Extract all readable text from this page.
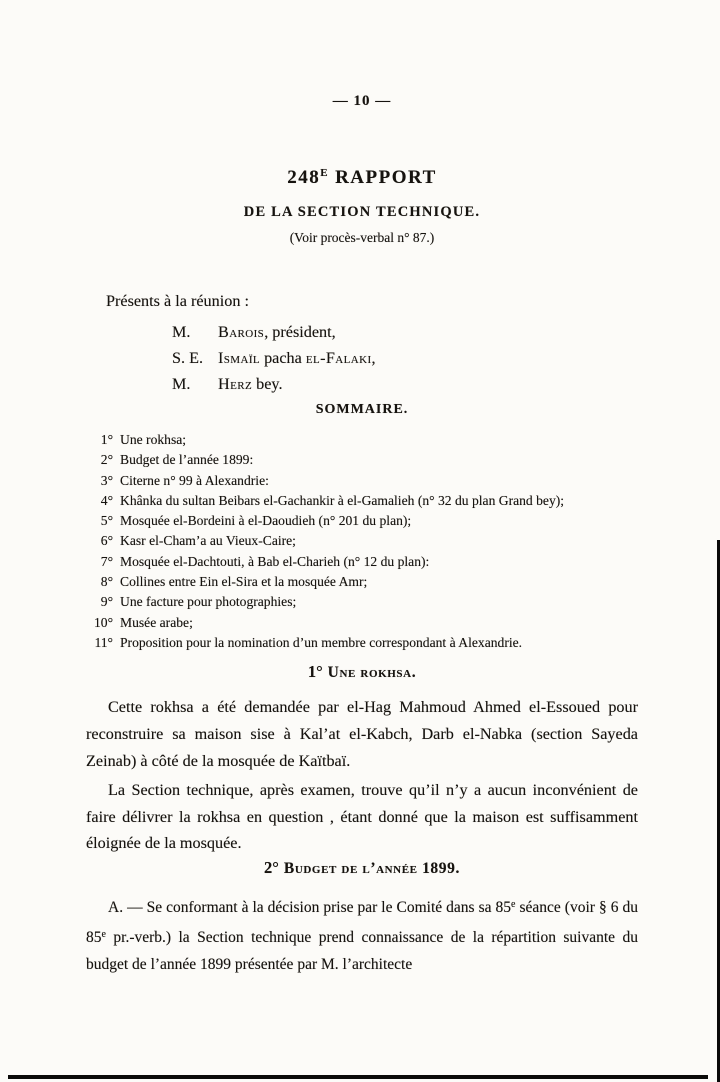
— 10 —
$248^E$ RAPPORT
DE LA SECTION TECHNIQUE.
(Voir procès-verbal n° 87.)
Présents à la réunion :
M. Barois, président,
S. E. Ismaïl pacha el-Falaki,
M. Herz bey.
SOMMAIRE.
1° Une rokhsa;
2° Budget de l’année 1899:
3° Citerne n° 99 à Alexandrie:
4° Khânka du sultan Beibars el-Gachankir à el-Gamalieh (n° 32 du plan Grand bey);
5° Mosquée el-Bordeini à el-Daoudieh (n° 201 du plan);
6° Kasr el-Cham’a au Vieux-Caire;
7° Mosquée el-Dachtouti, à Bab el-Charieh (n° 12 du plan):
8° Collines entre Ein el-Sira et la mosquée Amr;
9° Une facture pour photographies;
10° Musée arabe;
11° Proposition pour la nomination d’un membre correspondant à Alexandrie.
1° Une rokhsa.

Cette rokhsa a été demandée par el-Hag Mahmoud Ahmed el-Essoued pour reconstruire sa maison sise à Kal’at el-Kabch, Darb el-Nabka (section Sayeda Zeinab) à côté de la mosquée de Kaïtbaï.

La Section technique, après examen, trouve qu’il n’y a aucun inconvénient de faire délivrer la rokhsa en question , étant donné que la maison est suffisamment éloignée de la mosquée.

2° Budget de l’année 1899.

A. — Se conformant à la décision prise par le Comité dans sa 85e séance (voir § 6 du 85e pr.-verb.) la Section technique prend connaissance de la répartition suivante du budget de l’année 1899 présentée par M. l’architecte
